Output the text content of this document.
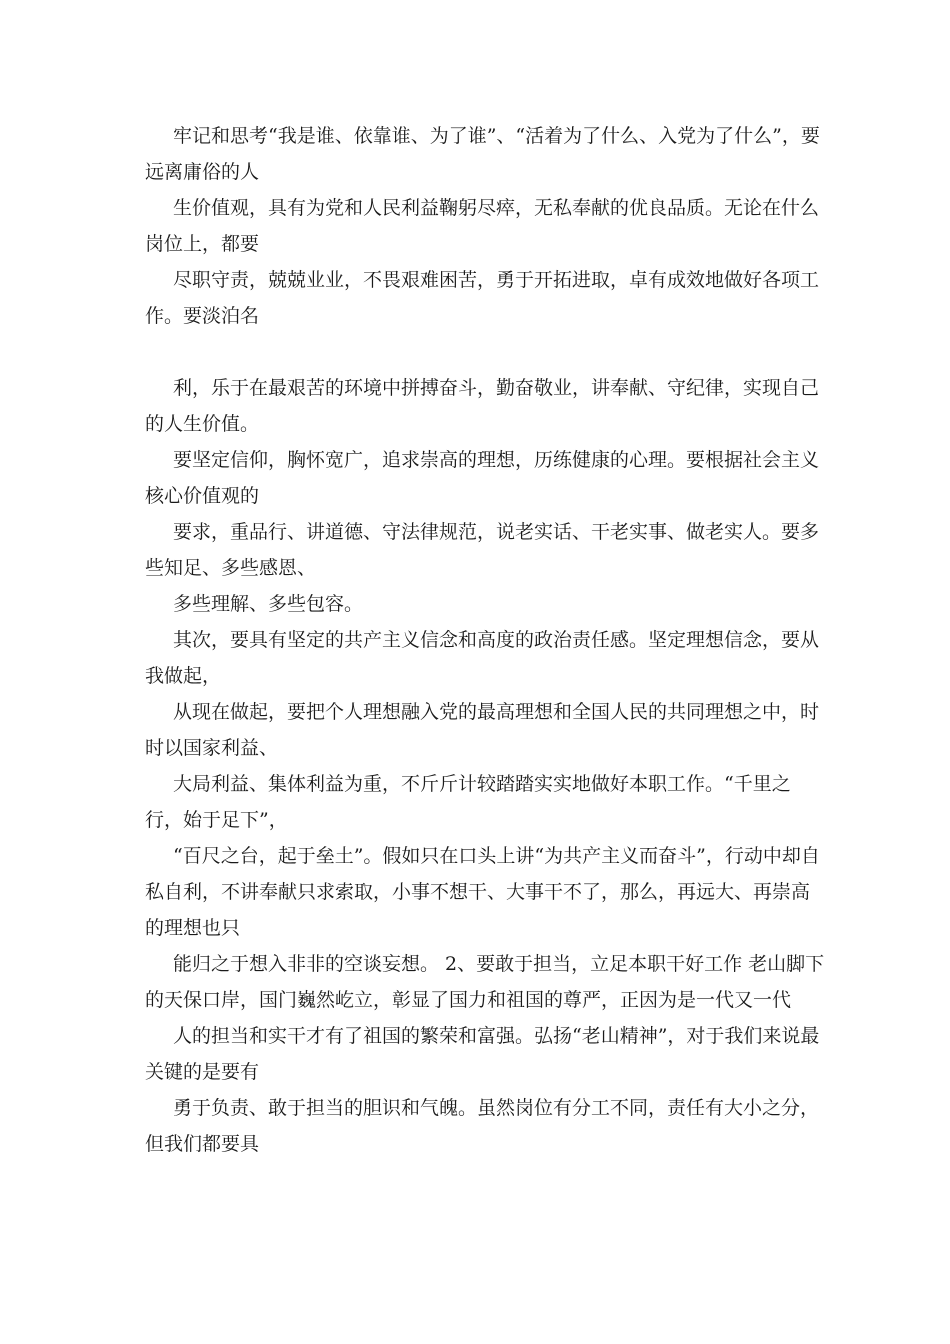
牢记和思考“我是谁、依靠谁、为了谁”、“活着为了什么、入党为了什么”，要远离庸俗的人

生价值观，具有为党和人民利益鞠躬尽瘁，无私奉献的优良品质。无论在什么岗位上，都要

尽职守责，兢兢业业，不畏艰难困苦，勇于开拓进取，卓有成效地做好各项工作。要淡泊名

利，乐于在最艰苦的环境中拼搏奋斗，勤奋敬业，讲奉献、守纪律，实现自己的人生价值。

要坚定信仰，胸怀宽广，追求崇高的理想，历练健康的心理。要根据社会主义核心价值观的

要求，重品行、讲道德、守法律规范，说老实话、干老实事、做老实人。要多些知足、多些感恩、

多些理解、多些包容。

其次，要具有坚定的共产主义信念和高度的政治责任感。坚定理想信念，要从我做起，

从现在做起，要把个人理想融入党的最高理想和全国人民的共同理想之中，时时以国家利益、

大局利益、集体利益为重，不斤斤计较踏踏实实地做好本职工作。“千里之行，始于足下”，

“百尺之台，起于垒土”。假如只在口头上讲“为共产主义而奋斗”，行动中却自私自利，不讲奉献只求索取，小事不想干、大事干不了，那么，再远大、再崇高的理想也只

能归之于想入非非的空谈妄想。 2、要敢于担当，立足本职干好工作 老山脚下的天保口岸，国门巍然屹立，彰显了国力和祖国的尊严，正因为是一代又一代

人的担当和实干才有了祖国的繁荣和富强。弘扬“老山精神”，对于我们来说最关键的是要有

勇于负责、敢于担当的胆识和气魄。虽然岗位有分工不同，责任有大小之分，但我们都要具
